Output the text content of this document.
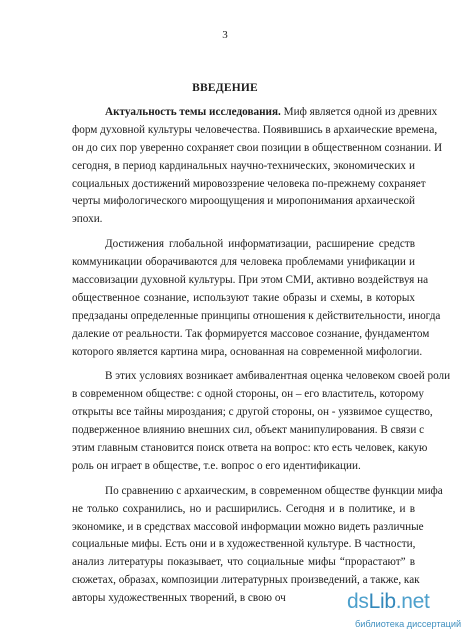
3
ВВЕДЕНИЕ
Актуальность темы исследования. Миф является одной из древних
форм духовной культуры человечества. Появившись в архаические времена,
он до сих пор уверенно сохраняет свои позиции в общественном сознании. И
сегодня, в период кардинальных научно-технических, экономических и
социальных достижений мировоззрение человека по-прежнему сохраняет
черты мифологического мироощущения и миропонимания архаической
эпохи.
Достижения глобальной информатизации, расширение средств
коммуникации оборачиваются для человека проблемами унификации и
массовизации духовной культуры. При этом СМИ, активно воздействуя на
общественное сознание, используют такие образы и схемы, в которых
предзаданы определенные принципы отношения к действительности, иногда
далекие от реальности. Так формируется массовое сознание, фундаментом
которого является картина мира, основанная на современной мифологии.
В этих условиях возникает амбивалентная оценка человеком своей роли
в современном обществе: с одной стороны, он – его властитель, которому
открыты все тайны мироздания; с другой стороны, он - уязвимое существо,
подверженное влиянию внешних сил, объект манипулирования. В связи с
этим главным становится поиск ответа на вопрос: кто есть человек, какую
роль он играет в обществе, т.е. вопрос о его идентификации.
По сравнению с архаическим, в современном обществе функции мифа
не только сохранились, но и расширились. Сегодня и в политике, и в
экономике, и в средствах массовой информации можно видеть различные
социальные мифы. Есть они и в художественной культуре. В частности,
анализ литературы показывает, что социальные мифы “прорастают” в
сюжетах, образах, композиции литературных произведений, а также, как
авторы художественных творений, в свою оч	dsLib.net
библиотека диссертаций
